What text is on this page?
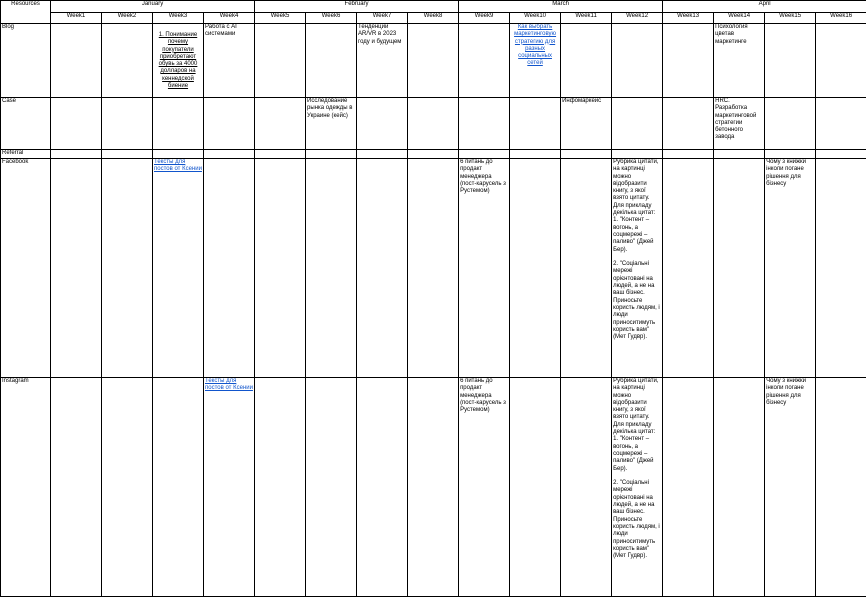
Resources	January				February				March				April			
	Week1	Week2	Week3	Week4	Week5	Week6	Week7	Week8	Week9	Week10	Week11	Week12	Week13	Week14	Week15	Week16
Blog			1. Понимание почему покупатели приобретают обувь за 4000 долларов на кеннедской биениe	Работа с AI системами			Тенденции AR/VR в 2023 году и будущем			Как выбрать маркетинговую стратегию для разных социальных сетей				Психология цветав маркетинге		

Case						Исследование рынка одежды в Украине (кейс)					Инфомаркейс			HRC. Разработка маркетинговой стратегии бетонного завода		

Referral																
Facebook			Тексты для постов от Ксении						6 питань до продакт менеджера (пост-карусель з Рустемом)			Рубрика цитати, на картинці можно відобразити книгу, з якої взято цитату. Для прикладу декілька цитат:
1. "Контент – вогонь, а соцмережі – паливо" (Джей Бер).

2. "Соціальні мережі орієнтовані на людей, а не на ваш бізнес. Приносьте користь людям, і люди приноситимуть користь вам" (Мет Гудвр).			Чому з книжки інколи погане рішення для бізнесу	

Instagram				Тексты для постов от Ксении					6 питань до продакт менеджера (пост-карусель з Рустемом)			Рубрика цитати, на картинці можно відобразити книгу, з якої взято цитату. Для прикладу декілька цитат:
1. "Контент – вогонь, а соцмережі – паливо" (Джей Бер).

2. "Соціальні мережі орієнтовані на людей, а не на ваш бізнес. Приносьте користь людям, і люди приноситимуть користь вам" (Мет Гудвр).			Чому з книжки інколи погане рішення для бізнесу	
